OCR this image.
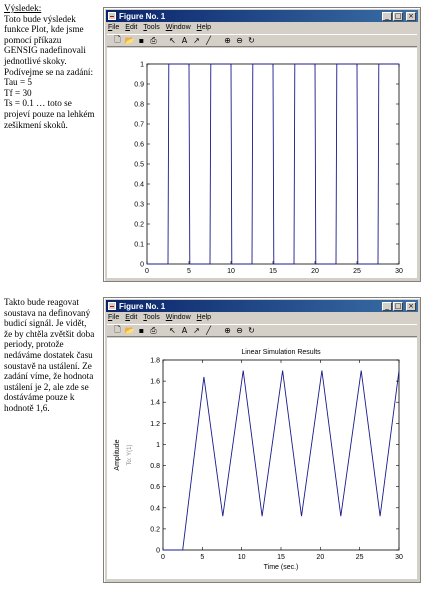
Výsledek:

Toto bude výsledek funkce Plot, kde jsme pomocí příkazu GENSIG nadefinovali jednotlivé skoky. Podívejme se na zadání:
Tau = 5
Tf = 30
Ts = 0.1 … toto se projeví pouze na lehkém zešikmení skoků.

Takto bude reagovat soustava na definovaný budicí signál. Je vidět, že by chtěla zvětšit doba periody, protože nedáváme dostatek času soustavě na ustálení. Ze zadání víme, že hodnota ustálení je 2, ale zde se dostáváme pouze k hodnotě 1,6.

Figure No. 1	_ □ ×
File Edit Tools Window Help
🗋 📂 ▪ ⎙ ↖ A ↗ ╱	⊕ ⊖ ↻
0	5	10	15	20	25	30
0
0.1
0.2
0.3
0.4
0.5
0.6
0.7
0.8
0.9
1
Figure No. 1	_ □ ×
File Edit Tools Window Help
🗋 📂 ▪ ⎙ ↖ A ↗ ╱	⊕ ⊖ ↻
0	5	10	15	20	25	30
0
0.2
0.4
0.6
0.8
1
1.2
1.4
1.6
1.8
Linear Simulation Results
Time (sec.)
Amplitude To: Y(1)
